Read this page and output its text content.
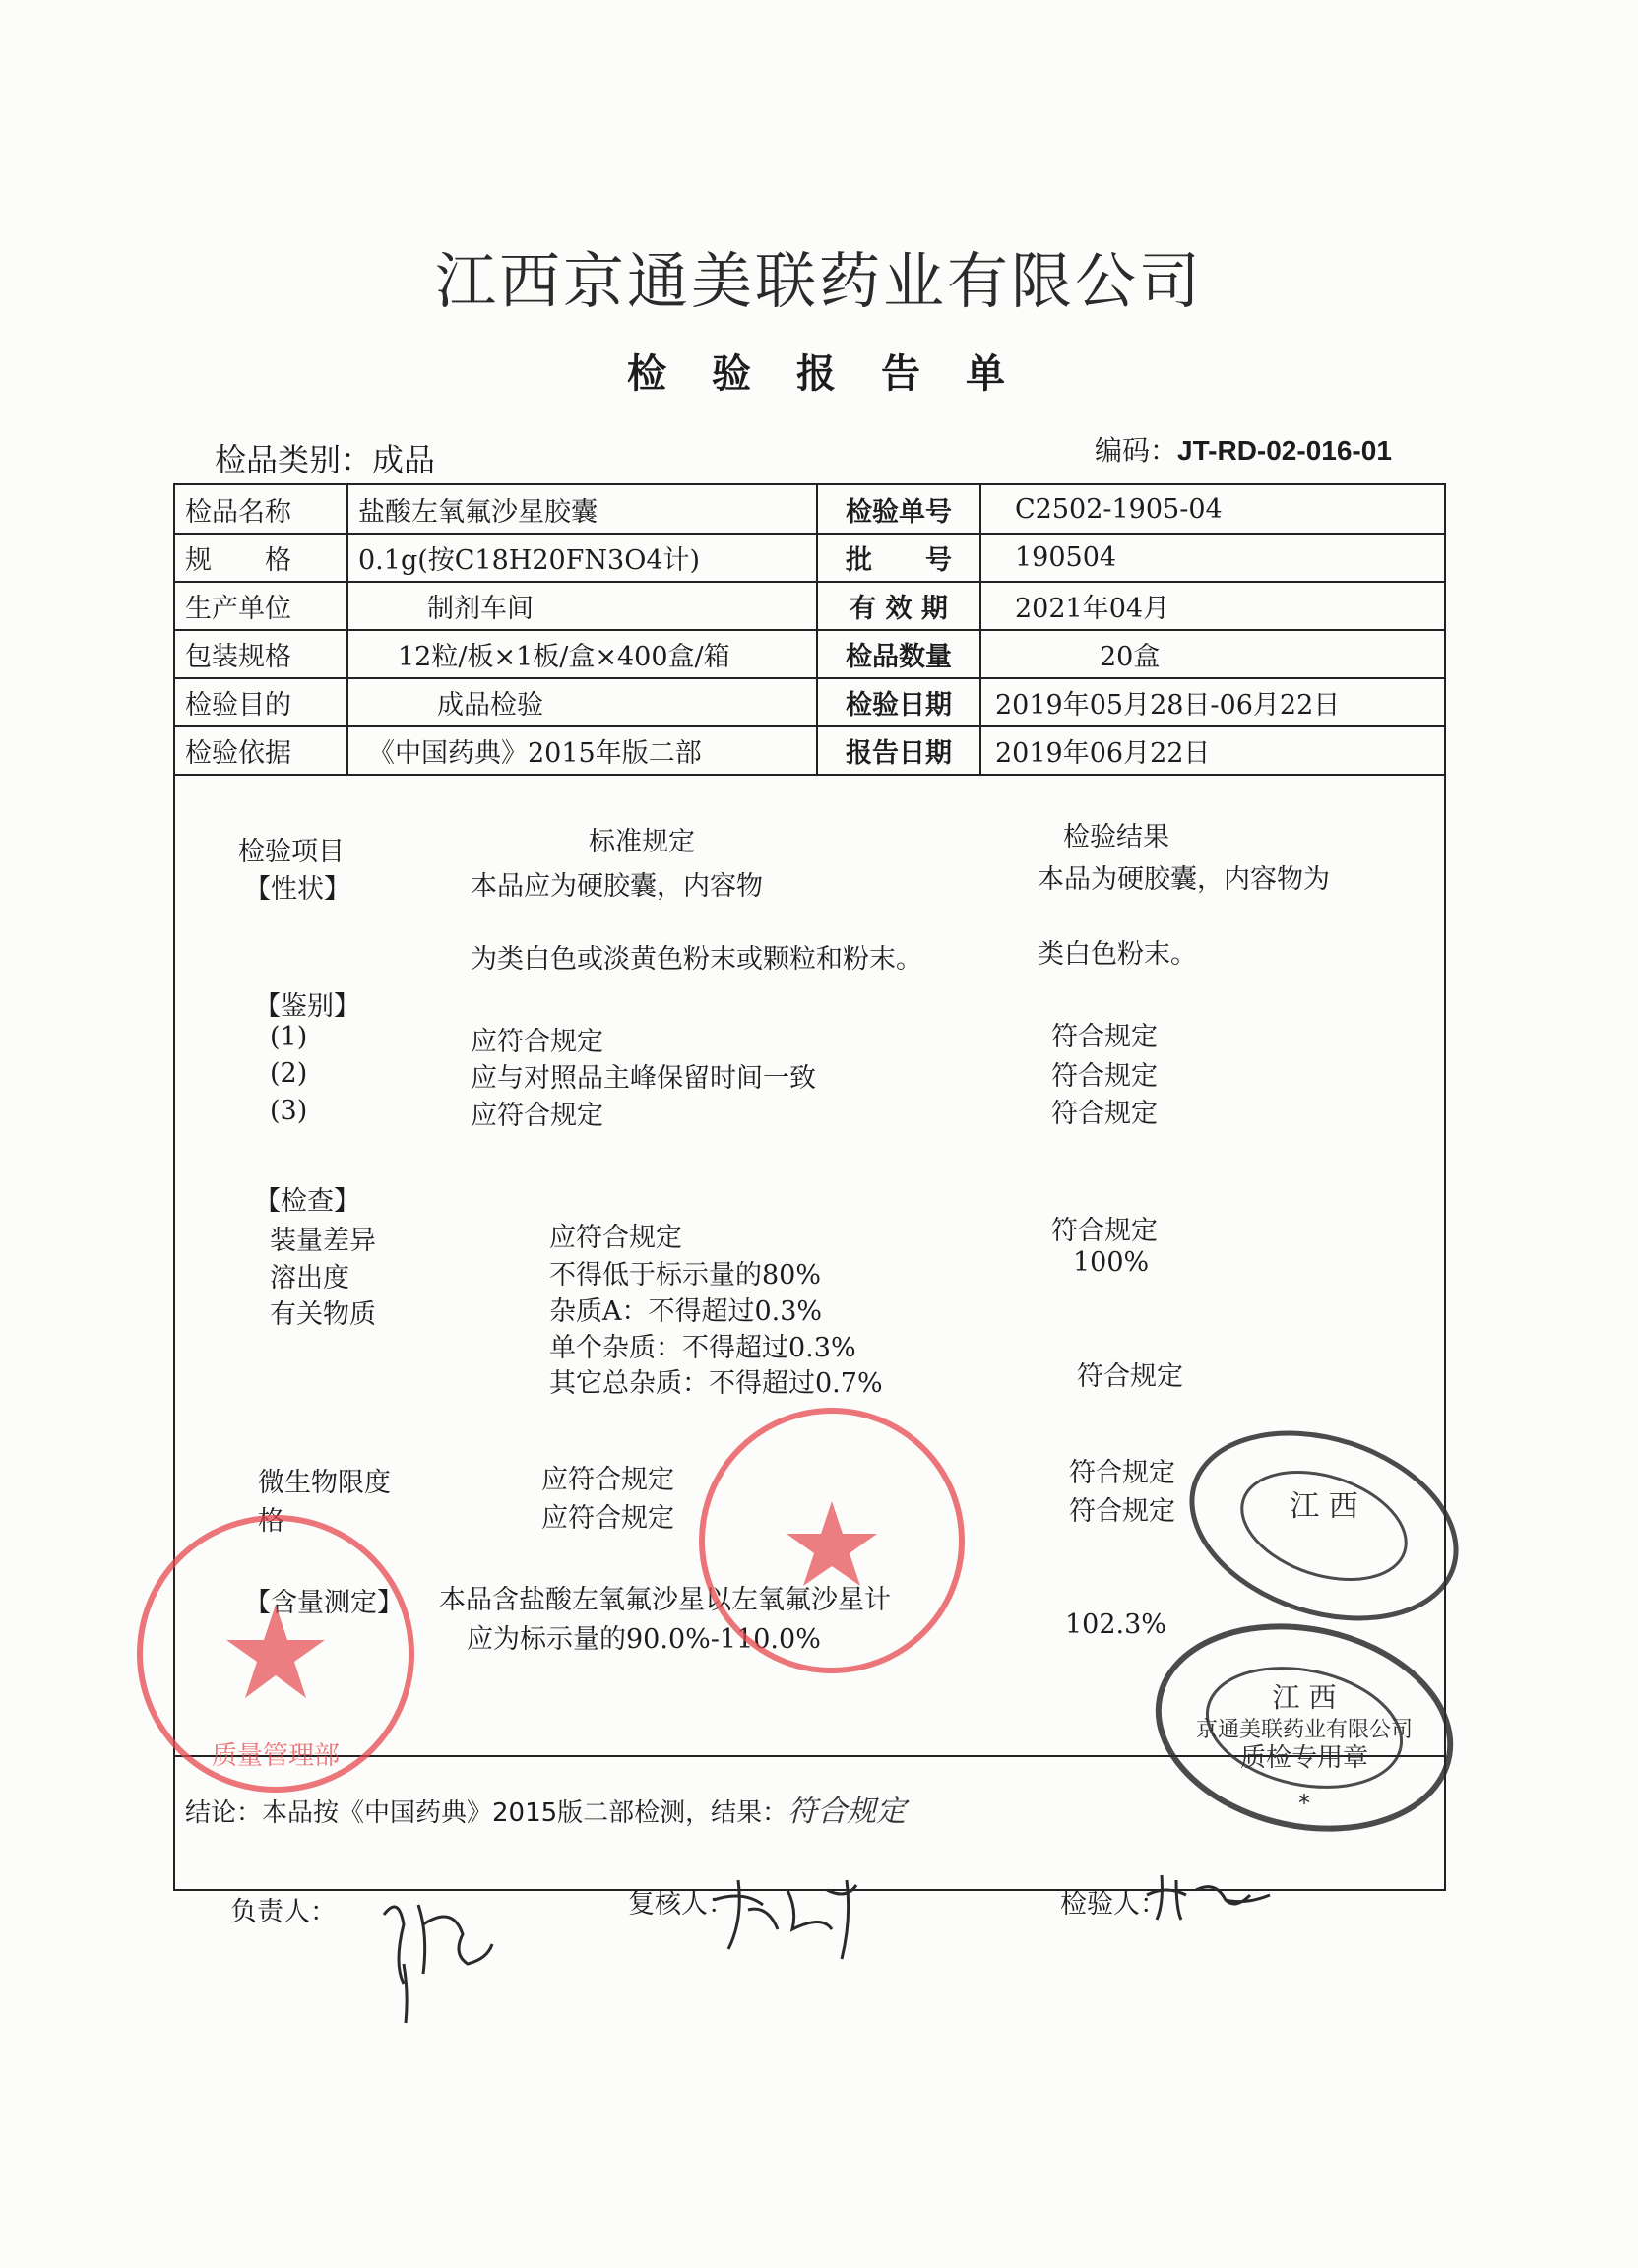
江西京通美联药业有限公司
检验报告单
检品类别：成品	编码：JT-RD-02-016-01
检品名称	盐酸左氧氟沙星胶囊	检验单号	C2502-1905-04
规　　格	0.1g(按C18H20FN3O4计)	批　　号	190504
生产单位	制剂车间	有 效 期	2021年04月
包装规格	12粒/板×1板/盒×400盒/箱	检品数量	20盒
检验目的	成品检验	检验日期	2019年05月28日-06月22日
检验依据	《中国药典》2015年版二部	报告日期	2019年06月22日
检验项目	标准规定	检验结果
【性状】	本品应为硬胶囊，内容物	本品为硬胶囊，内容物为
为类白色或淡黄色粉末或颗粒和粉末。	类白色粉末。
【鉴别】
(1)	应符合规定	符合规定
(2)	应与对照品主峰保留时间一致	符合规定
(3)	应符合规定	符合规定
【检查】
装量差异	应符合规定	符合规定
溶出度	不得低于标示量的80%	100%
有关物质	杂质A：不得超过0.3%
单个杂质：不得超过0.3%
其它总杂质：不得超过0.7%	符合规定
微生物限度	应符合规定	符合规定
格	应符合规定	符合规定
【含量测定】 本品含盐酸左氧氟沙星以左氧氟沙星计
应为标示量的90.0%-110.0%	102.3%
结论：本品按《中国药典》2015版二部检测，结果：符合规定
负责人：	复核人：	检验人：
质量管理部
江 西
江 西
京通美联药业有限公司
质检专用章
*
